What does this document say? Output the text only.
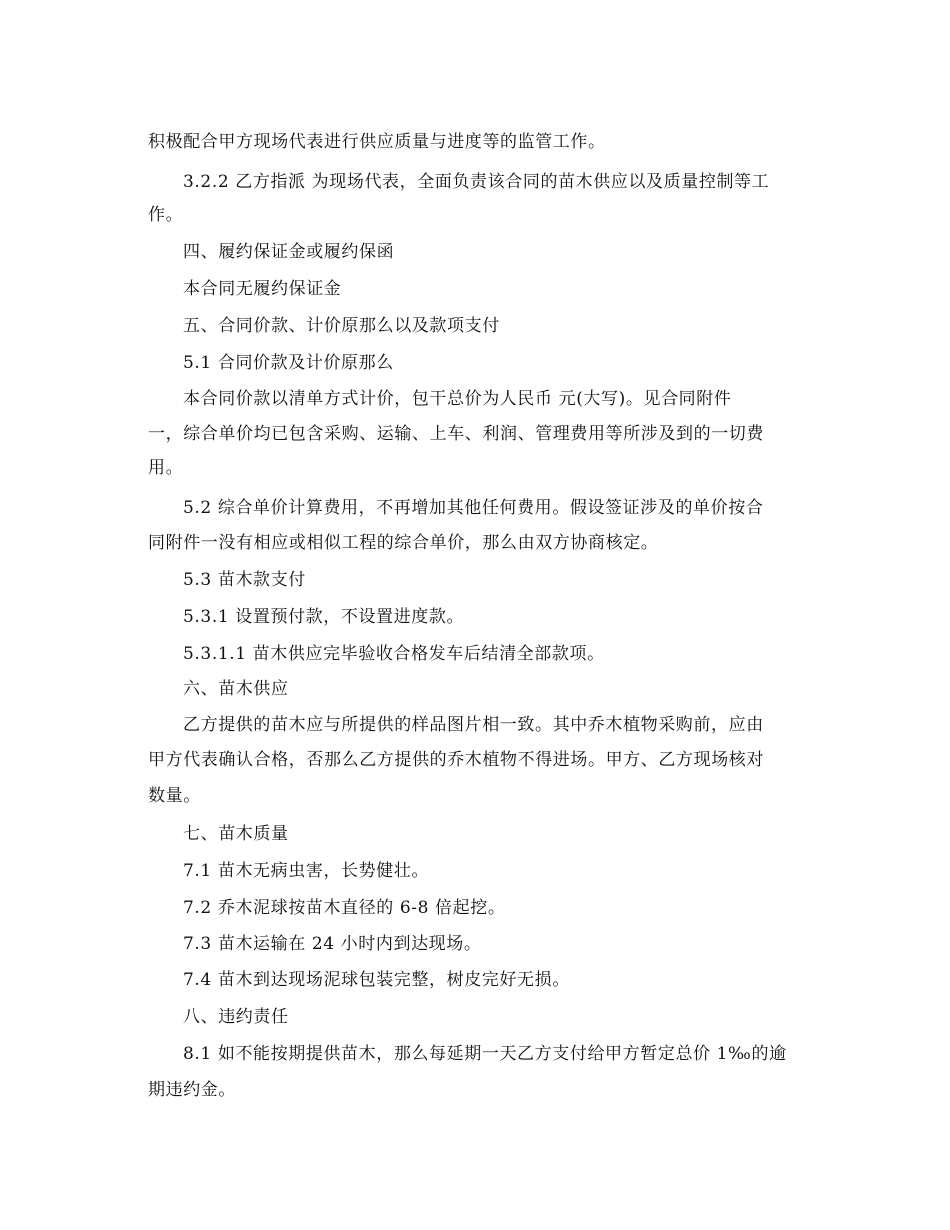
积极配合甲方现场代表进行供应质量与进度等的监管工作。
3.2.2 乙方指派 为现场代表，全面负责该合同的苗木供应以及质量控制等工
作。
四、履约保证金或履约保函
本合同无履约保证金
五、合同价款、计价原那么以及款项支付
5.1 合同价款及计价原那么
本合同价款以清单方式计价，包干总价为人民币 元(大写)。见合同附件
一，综合单价均已包含采购、运输、上车、利润、管理费用等所涉及到的一切费
用。
5.2 综合单价计算费用，不再增加其他任何费用。假设签证涉及的单价按合
同附件一没有相应或相似工程的综合单价，那么由双方协商核定。
5.3 苗木款支付
5.3.1 设置预付款，不设置进度款。
5.3.1.1 苗木供应完毕验收合格发车后结清全部款项。
六、苗木供应
乙方提供的苗木应与所提供的样品图片相一致。其中乔木植物采购前，应由
甲方代表确认合格，否那么乙方提供的乔木植物不得进场。甲方、乙方现场核对
数量。
七、苗木质量
7.1 苗木无病虫害，长势健壮。
7.2 乔木泥球按苗木直径的 6-8 倍起挖。
7.3 苗木运输在 24 小时内到达现场。
7.4 苗木到达现场泥球包装完整，树皮完好无损。
八、违约责任
8.1 如不能按期提供苗木，那么每延期一天乙方支付给甲方暂定总价 1‰的逾
期违约金。
